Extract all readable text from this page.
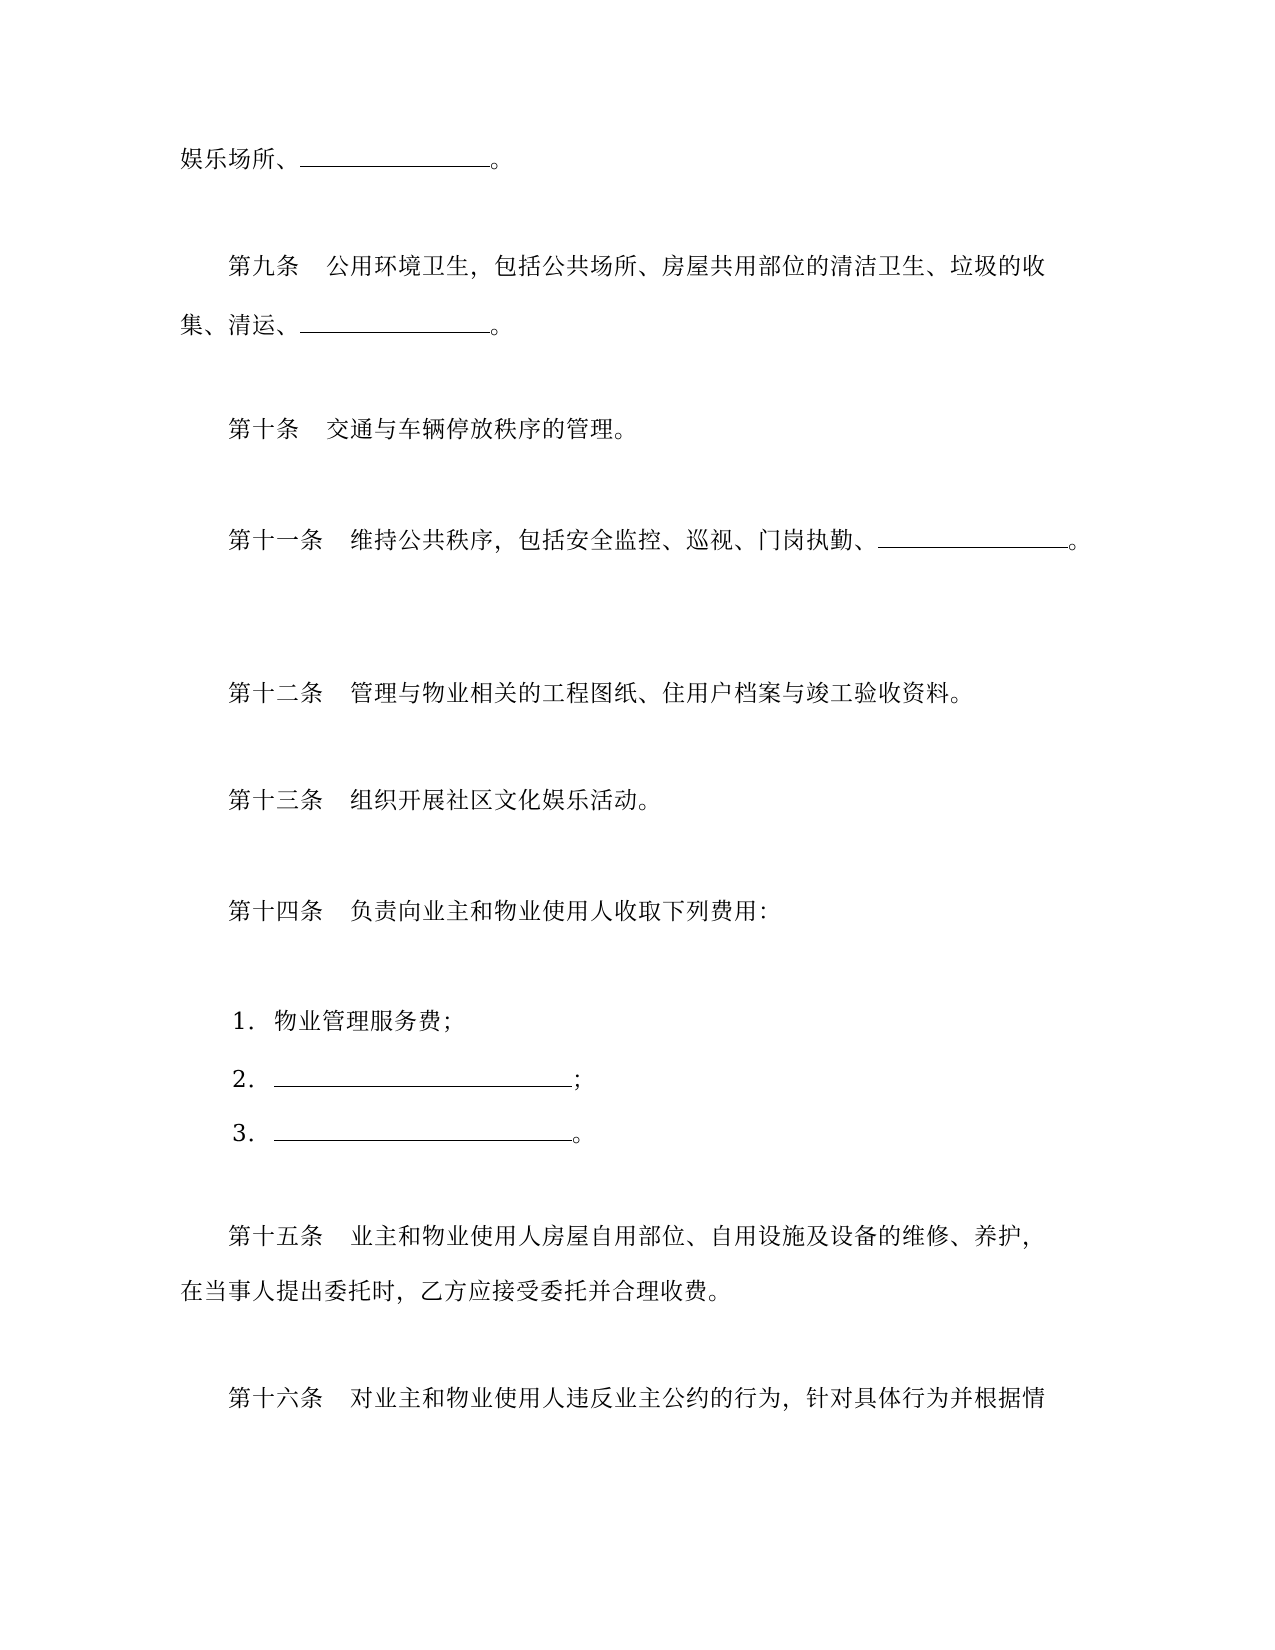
娱乐场所、	。
第九条 公用环境卫生，包括公共场所、房屋共用部位的清洁卫生、垃圾的收
集、清运、	。
第十条 交通与车辆停放秩序的管理。
第十一条 维持公共秩序，包括安全监控、巡视、门岗执勤、	。
第十二条 管理与物业相关的工程图纸、住用户档案与竣工验收资料。
第十三条 组织开展社区文化娱乐活动。
第十四条 负责向业主和物业使用人收取下列费用：
1． 物业管理服务费；
2．	；
3．	。
第十五条 业主和物业使用人房屋自用部位、自用设施及设备的维修、养护，
在当事人提出委托时，乙方应接受委托并合理收费。
第十六条 对业主和物业使用人违反业主公约的行为，针对具体行为并根据情
